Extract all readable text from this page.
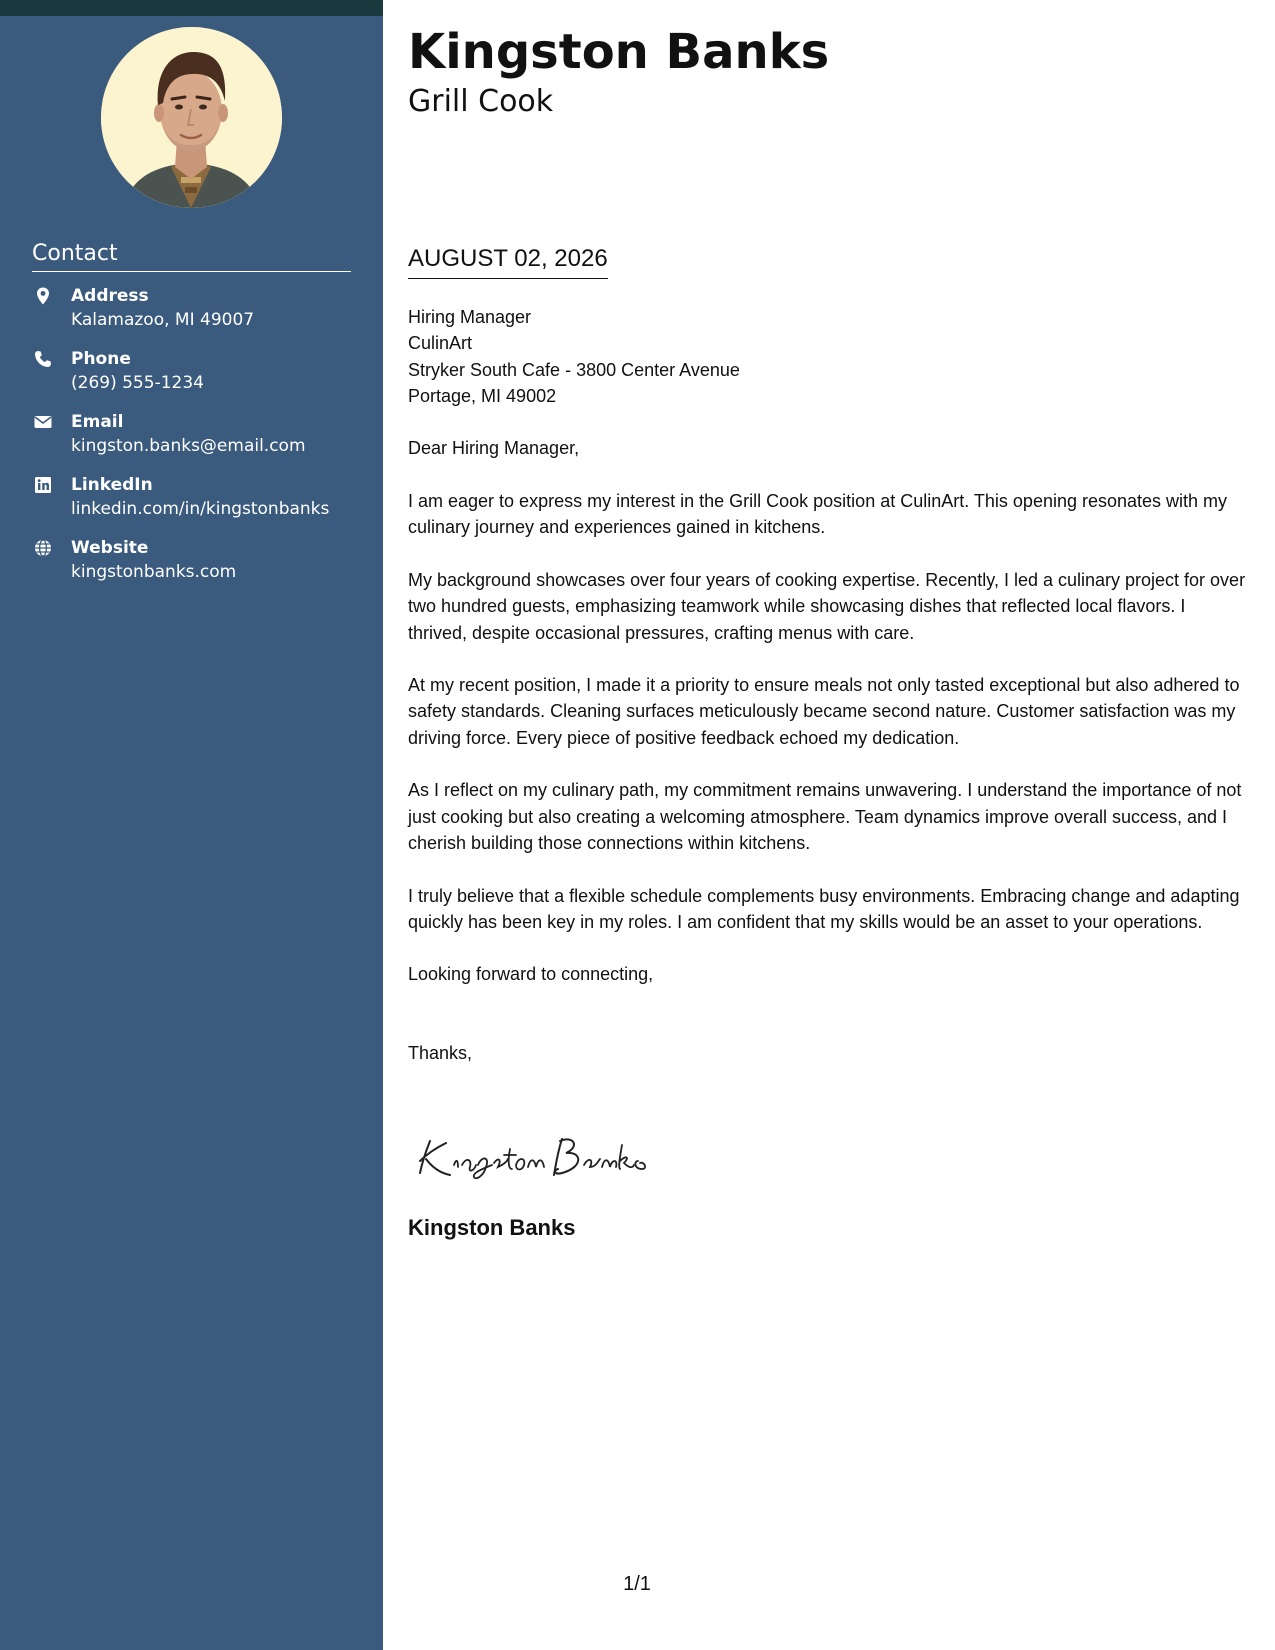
Contact
Address
Kalamazoo, MI 49007
Phone
(269) 555-1234
Email
kingston.banks@email.com
LinkedIn
linkedin.com/in/kingstonbanks
Website
kingstonbanks.com
Kingston Banks
Grill Cook
AUGUST 02, 2026

Hiring Manager
CulinArt
Stryker South Cafe - 3800 Center Avenue
Portage, MI 49002

Dear Hiring Manager,

I am eager to express my interest in the Grill Cook position at CulinArt. This opening resonates with my culinary journey and experiences gained in kitchens.

My background showcases over four years of cooking expertise. Recently, I led a culinary project for over two hundred guests, emphasizing teamwork while showcasing dishes that reflected local flavors. I thrived, despite occasional pressures, crafting menus with care.

At my recent position, I made it a priority to ensure meals not only tasted exceptional but also adhered to safety standards. Cleaning surfaces meticulously became second nature. Customer satisfaction was my driving force. Every piece of positive feedback echoed my dedication.

As I reflect on my culinary path, my commitment remains unwavering. I understand the importance of not just cooking but also creating a welcoming atmosphere. Team dynamics improve overall success, and I cherish building those connections within kitchens.

I truly believe that a flexible schedule complements busy environments. Embracing change and adapting quickly has been key in my roles. I am confident that my skills would be an asset to your operations.

Looking forward to connecting,

Thanks,

Kingston Banks
1/1
